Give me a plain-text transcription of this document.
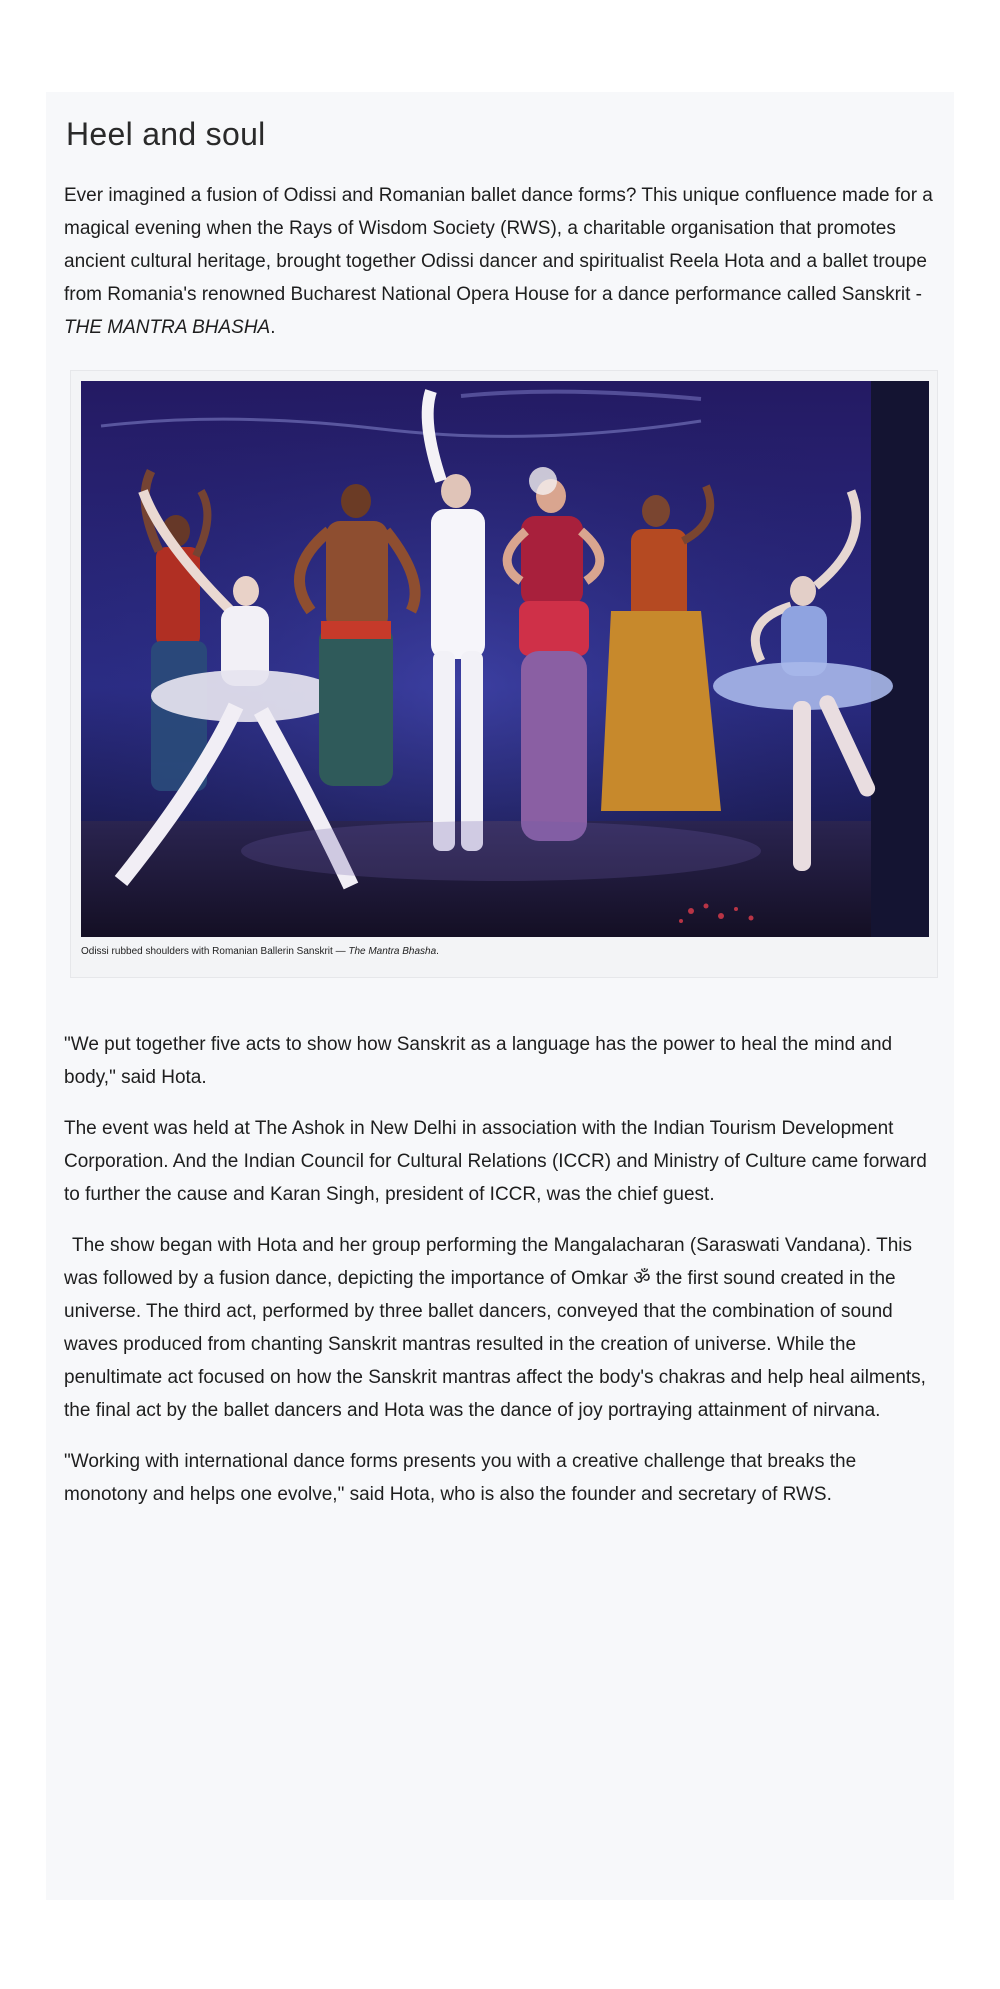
Heel and soul

Ever imagined a fusion of Odissi and Romanian ballet dance forms? This unique confluence made for a magical evening when the Rays of Wisdom Society (RWS), a charitable organisation that promotes ancient cultural heritage, brought together Odissi dancer and spiritualist Reela Hota and a ballet troupe from Romania's renowned Bucharest National Opera House for a dance performance called Sanskrit - THE MANTRA BHASHA.

Odissi rubbed shoulders with Romanian Ballerin Sanskrit — The Mantra Bhasha.

"We put together five acts to show how Sanskrit as a language has the power to heal the mind and body," said Hota.

The event was held at The Ashok in New Delhi in association with the Indian Tourism Development Corporation. And the Indian Council for Cultural Relations (ICCR) and Ministry of Culture came forward to further the cause and Karan Singh, president of ICCR, was the chief guest.

The show began with Hota and her group performing the Mangalacharan (Saraswati Vandana). This was followed by a fusion dance, depicting the importance of Omkar ॐ the first sound created in the universe. The third act, performed by three ballet dancers, conveyed that the combination of sound waves produced from chanting Sanskrit mantras resulted in the creation of universe. While the penultimate act focused on how the Sanskrit mantras affect the body's chakras and help heal ailments, the final act by the ballet dancers and Hota was the dance of joy portraying attainment of nirvana.

"Working with international dance forms presents you with a creative challenge that breaks the monotony and helps one evolve," said Hota, who is also the founder and secretary of RWS.
